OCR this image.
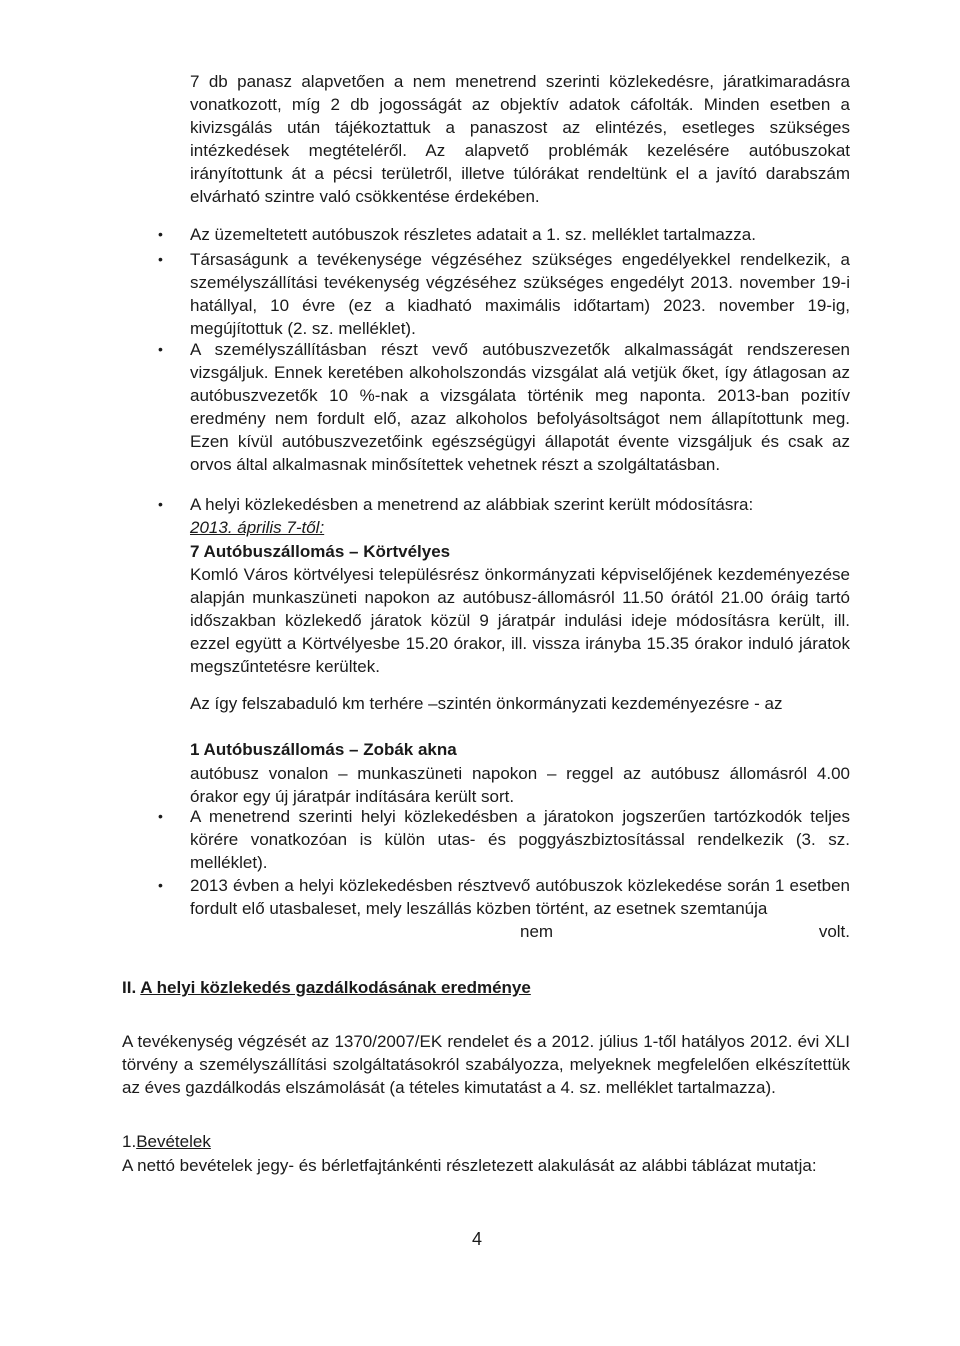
7 db panasz alapvetően a nem menetrend szerinti közlekedésre, járatkimaradásra vonatkozott, míg 2 db jogosságát az objektív adatok cáfolták. Minden esetben a kivizsgálás után tájékoztattuk a panaszost az elintézés, esetleges szükséges intézkedések megtételéről. Az alapvető problémák kezelésére autóbuszokat irányítottunk át a pécsi területről, illetve túlórákat rendeltünk el a javító darabszám elvárható szintre való csökkentése érdekében.

• Az üzemeltetett autóbuszok részletes adatait a 1. sz. melléklet tartalmazza.

• Társaságunk a tevékenysége végzéséhez szükséges engedélyekkel rendelkezik, a személyszállítási tevékenység végzéséhez szükséges engedélyt 2013. november 19-i hatállyal, 10 évre (ez a kiadható maximális időtartam) 2023. november 19-ig, megújítottuk (2. sz. melléklet).

• A személyszállításban részt vevő autóbuszvezetők alkalmasságát rendszeresen vizsgáljuk. Ennek keretében alkoholszondás vizsgálat alá vetjük őket, így átlagosan az autóbuszvezetők 10 %-nak a vizsgálata történik meg naponta. 2013-ban pozitív eredmény nem fordult elő, azaz alkoholos befolyásoltságot nem állapítottunk meg. Ezen kívül autóbuszvezetőink egészségügyi állapotát évente vizsgáljuk és csak az orvos által alkalmasnak minősítettek vehetnek részt a szolgáltatásban.

• A helyi közlekedésben a menetrend az alábbiak szerint került módosításra:

2013. április 7-től:

7 Autóbuszállomás – Körtvélyes

Komló Város körtvélyesi településrész önkormányzati képviselőjének kezdeményezése alapján munkaszüneti napokon az autóbusz-állomásról 11.50 órától 21.00 óráig tartó időszakban közlekedő járatok közül 9 járatpár indulási ideje módosításra került, ill. ezzel együtt a Körtvélyesbe 15.20 órakor, ill. vissza irányba 15.35 órakor induló járatok megszűntetésre kerültek.

Az így felszabaduló km terhére –szintén önkormányzati kezdeményezésre - az

1 Autóbuszállomás – Zobák akna

autóbusz vonalon – munkaszüneti napokon – reggel az autóbusz állomásról 4.00 órakor egy új járatpár indítására került sort.

• A menetrend szerinti helyi közlekedésben a járatokon jogszerűen tartózkodók teljes körére vonatkozóan is külön utas- és poggyászbiztosítással rendelkezik (3. sz. melléklet).

• 2013 évben a helyi közlekedésben résztvevő autóbuszok közlekedése során 1 esetben fordult elő utasbaleset, mely leszállás közben történt, az esetnek szemtanúja

nem	volt.

II. A helyi közlekedés gazdálkodásának eredménye

A tevékenység végzését az 1370/2007/EK rendelet és a 2012. július 1-től hatályos 2012. évi XLI törvény a személyszállítási szolgáltatásokról szabályozza, melyeknek megfelelően elkészítettük az éves gazdálkodás elszámolását (a tételes kimutatást a 4. sz. melléklet tartalmazza).

1.Bevételek

A nettó bevételek jegy- és bérletfajtánkénti részletezett alakulását az alábbi táblázat mutatja:

4
